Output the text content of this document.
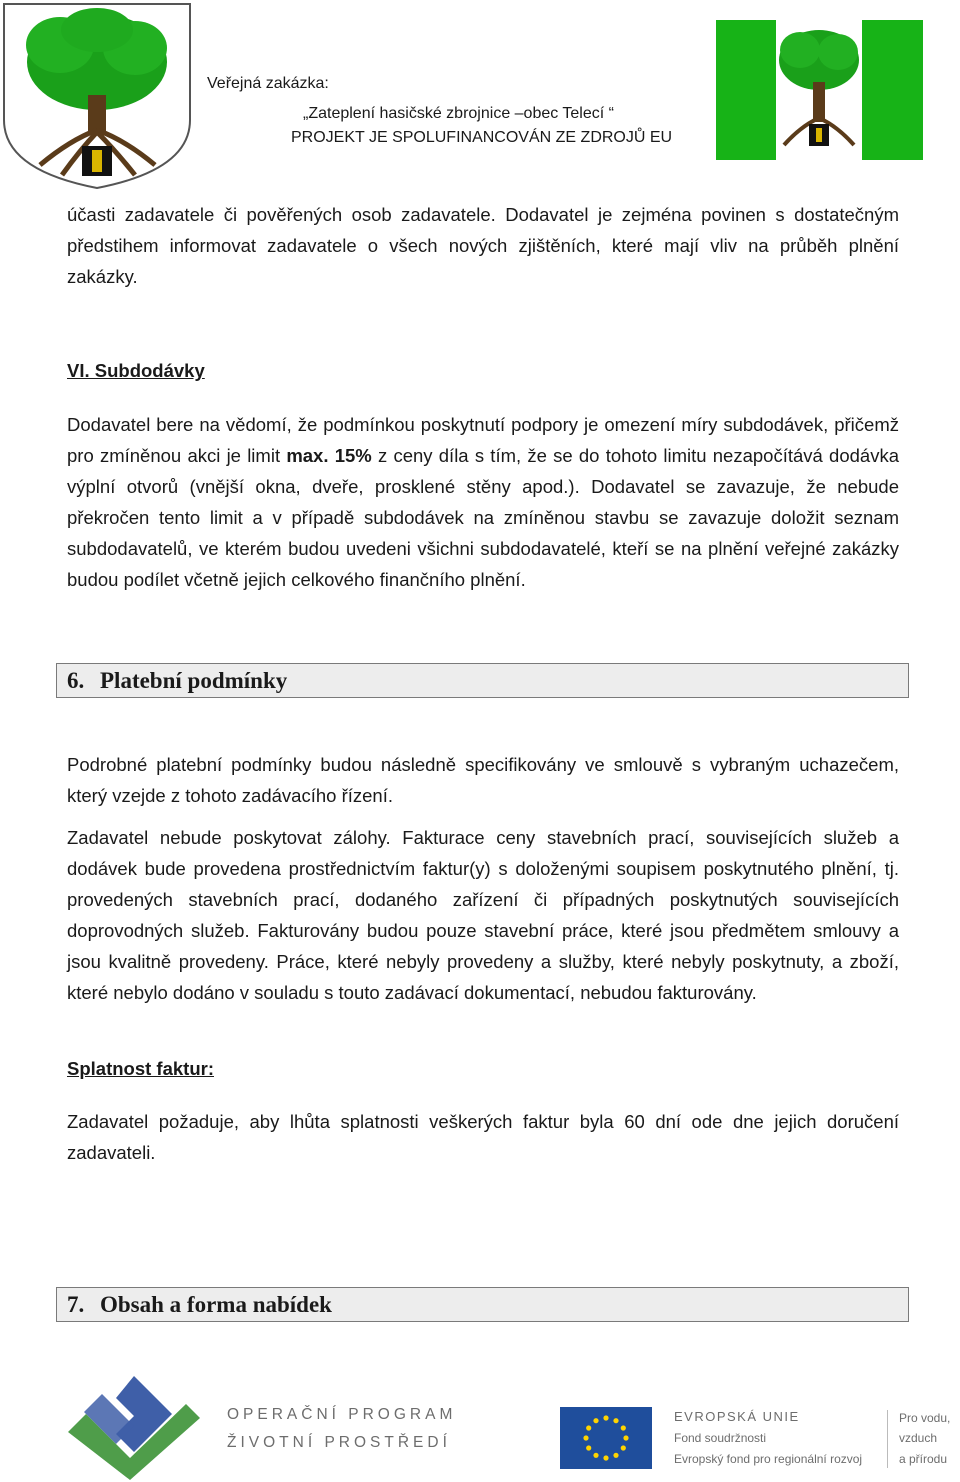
Veřejná zakázka:
„Zateplení hasičské zbrojnice –obec Telecí “
PROJEKT JE SPOLUFINANCOVÁN ZE ZDROJŮ EU
účasti zadavatele či pověřených osob zadavatele. Dodavatel je zejména povinen s dostatečným předstihem informovat zadavatele o všech nových zjištěních, které mají vliv na průběh plnění zakázky.
VI. Subdodávky
Dodavatel bere na vědomí, že podmínkou poskytnutí podpory je omezení míry subdodávek, přičemž pro zmíněnou akci je limit max. 15% z ceny díla s tím, že se do tohoto limitu nezapočítává dodávka výplní otvorů (vnější okna, dveře, prosklené stěny apod.). Dodavatel se zavazuje, že nebude překročen tento limit a v případě subdodávek na zmíněnou stavbu se zavazuje doložit seznam subdodavatelů, ve kterém budou uvedeni všichni subdodavatelé, kteří se na plnění veřejné zakázky budou podílet včetně jejich celkového finančního plnění.
6. Platební podmínky
Podrobné platební podmínky budou následně specifikovány ve smlouvě s vybraným uchazečem, který vzejde z tohoto zadávacího řízení.
Zadavatel nebude poskytovat zálohy. Fakturace ceny stavebních prací, souvisejících služeb a dodávek bude provedena prostřednictvím faktur(y) s doloženými soupisem poskytnutého plnění, tj. provedených stavebních prací, dodaného zařízení či případných poskytnutých souvisejících doprovodných služeb. Fakturovány budou pouze stavební práce, které jsou předmětem smlouvy a jsou kvalitně provedeny. Práce, které nebyly provedeny a služby, které nebyly poskytnuty, a zboží, které nebylo dodáno v souladu s touto zadávací dokumentací, nebudou fakturovány.
Splatnost faktur:
Zadavatel požaduje, aby lhůta splatnosti veškerých faktur byla 60 dní ode dne jejich doručení zadavateli.
7. Obsah a forma nabídek
OPERAČNÍ PROGRAM
ŽIVOTNÍ PROSTŘEDÍ
EVROPSKÁ UNIE
Fond soudržnosti
Evropský fond pro regionální rozvoj
Pro vodu,
vzduch
a přírodu
